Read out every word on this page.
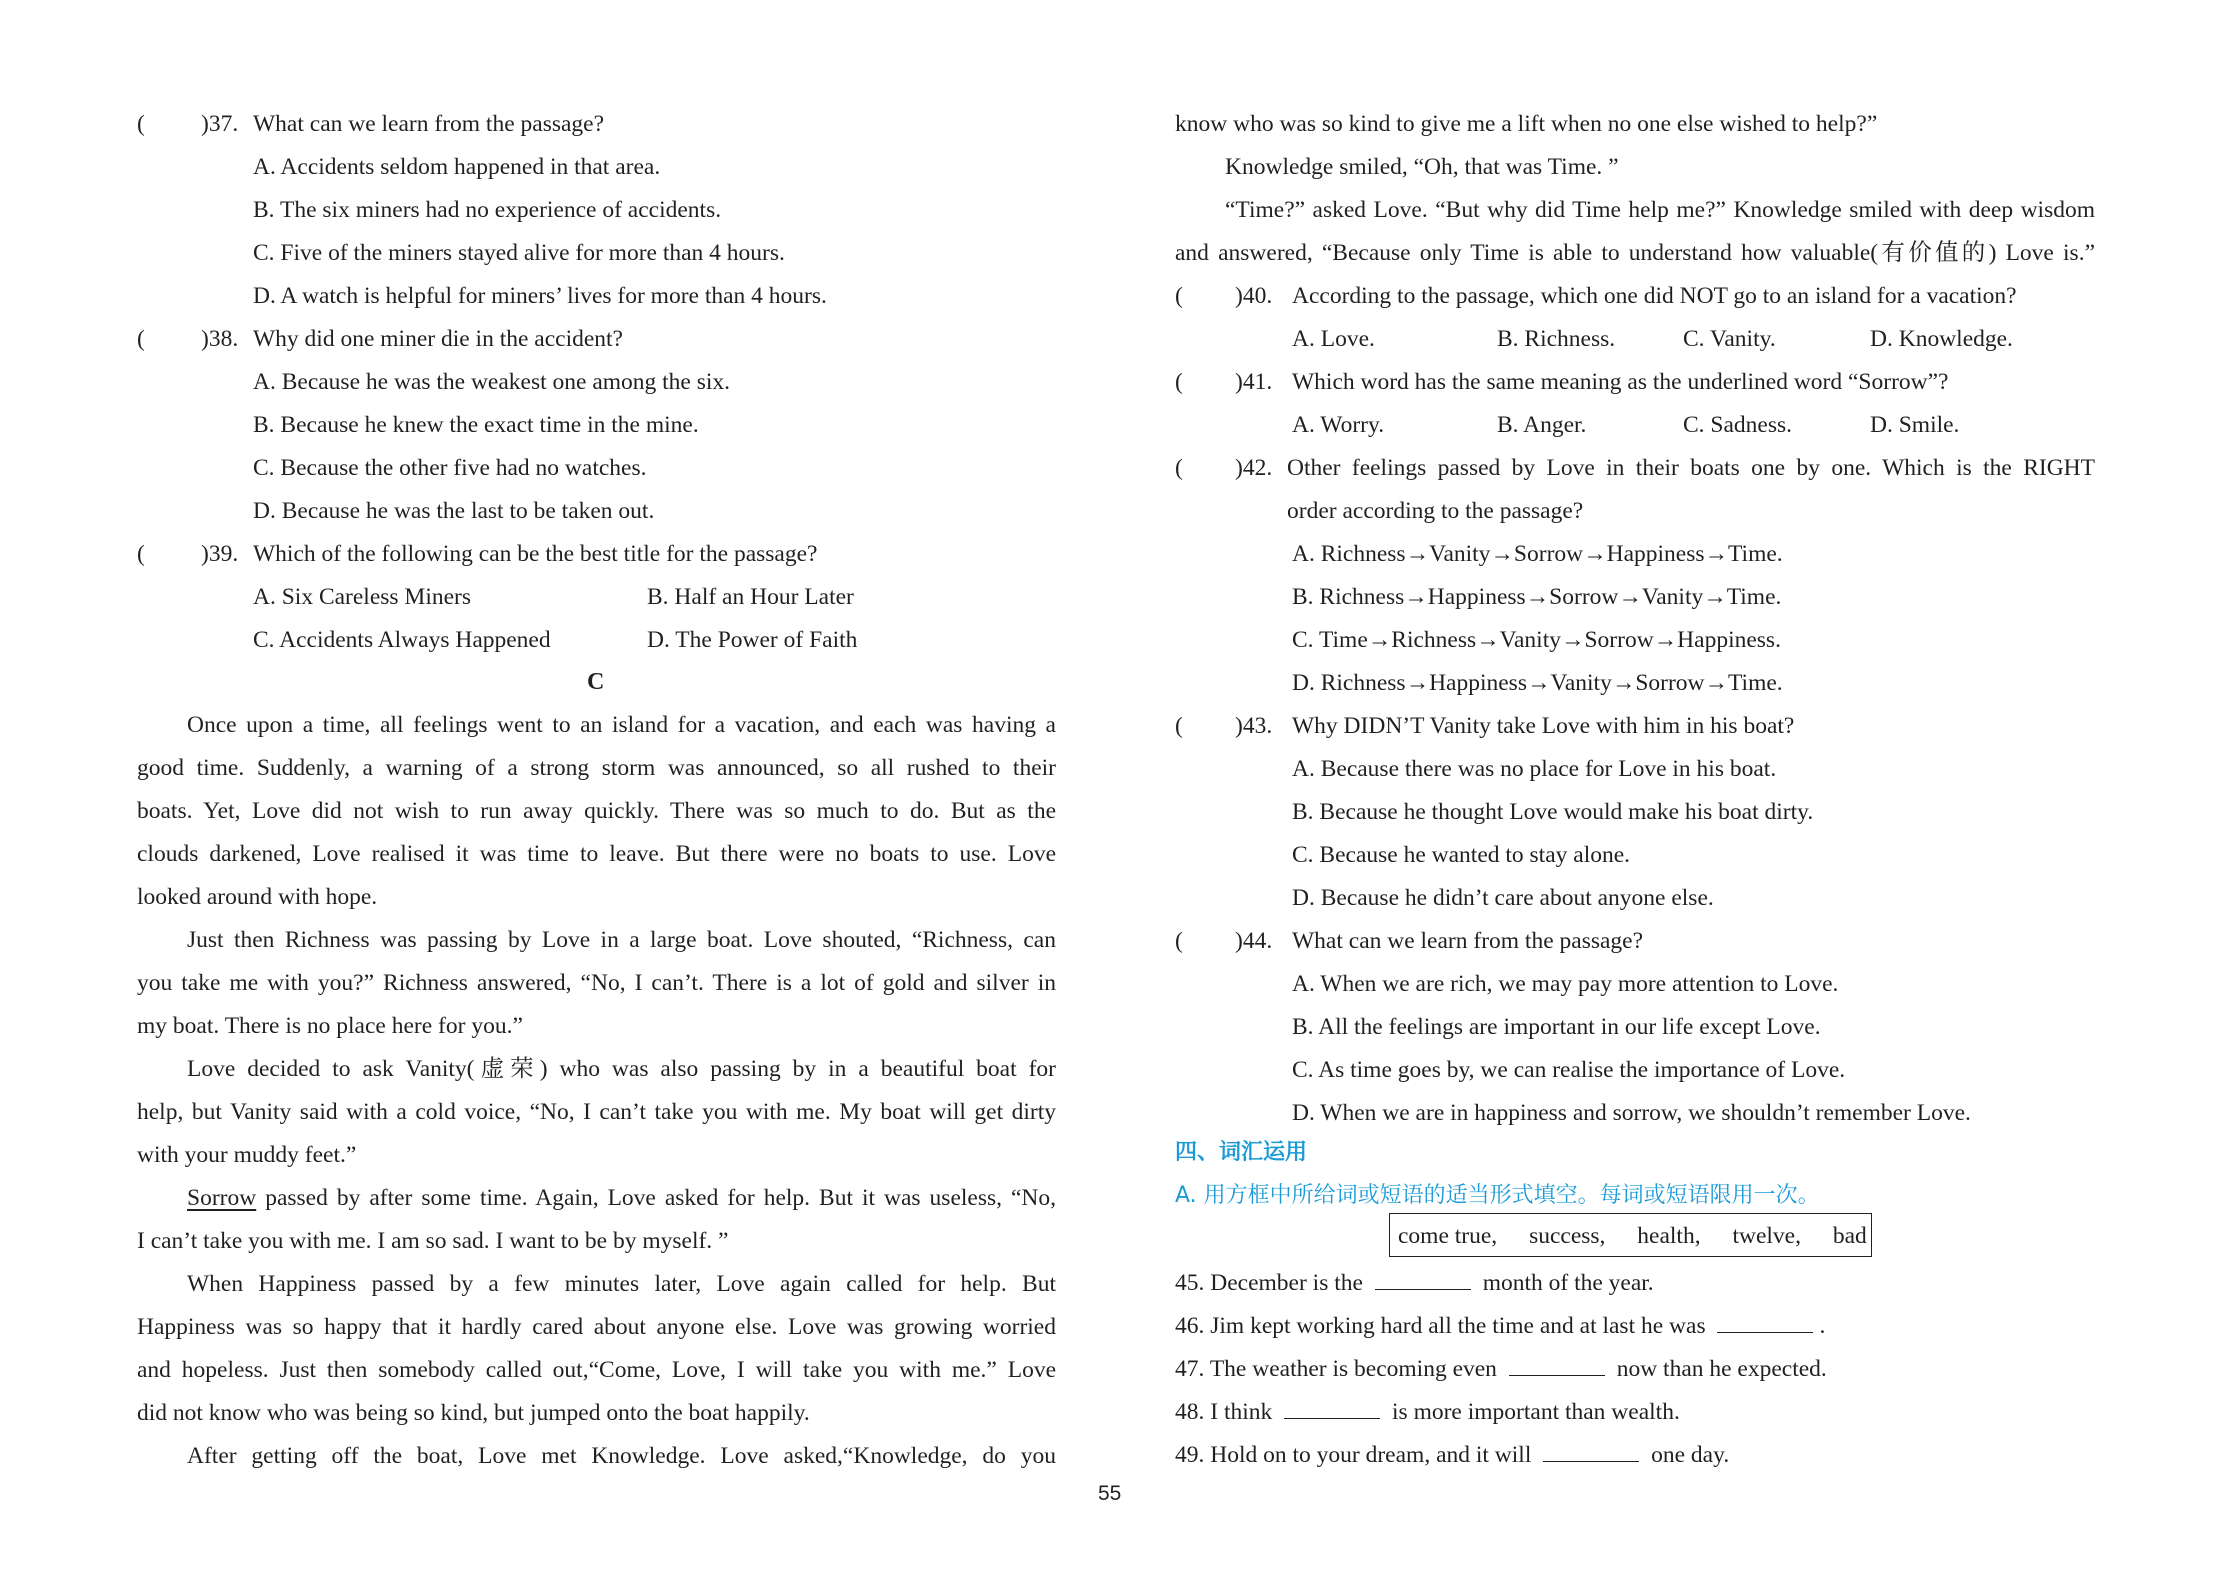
( )37. What can we learn from the passage?
A. Accidents seldom happened in that area.
B. The six miners had no experience of accidents.
C. Five of the miners stayed alive for more than 4 hours.
D. A watch is helpful for miners’ lives for more than 4 hours.
( )38. Why did one miner die in the accident?
A. Because he was the weakest one among the six.
B. Because he knew the exact time in the mine.
C. Because the other five had no watches.
D. Because he was the last to be taken out.
( )39. Which of the following can be the best title for the passage?
A. Six Careless Miners	B. Half an Hour Later
C. Accidents Always Happened	D. The Power of Faith
C
Once upon a time, all feelings went to an island for a vacation, and each was having a
good time. Suddenly, a warning of a strong storm was announced, so all rushed to their
boats. Yet, Love did not wish to run away quickly. There was so much to do. But as the
clouds darkened, Love realised it was time to leave. But there were no boats to use. Love
looked around with hope.
Just then Richness was passing by Love in a large boat. Love shouted, “Richness, can
you take me with you?” Richness answered, “No, I can’t. There is a lot of gold and silver in
my boat. There is no place here for you.”
Love decided to ask Vanity(虚荣) who was also passing by in a beautiful boat for
help, but Vanity said with a cold voice, “No, I can’t take you with me. My boat will get dirty
with your muddy feet.”
Sorrow passed by after some time. Again, Love asked for help. But it was useless, “No,
I can’t take you with me. I am so sad. I want to be by myself. ”
When Happiness passed by a few minutes later, Love again called for help. But
Happiness was so happy that it hardly cared about anyone else. Love was growing worried
and hopeless. Just then somebody called out,“Come, Love, I will take you with me.” Love
did not know who was being so kind, but jumped onto the boat happily.
After getting off the boat, Love met Knowledge. Love asked,“Knowledge, do you
know who was so kind to give me a lift when no one else wished to help?”
Knowledge smiled, “Oh, that was Time. ”
“Time?” asked Love. “But why did Time help me?” Knowledge smiled with deep wisdom
and answered, “Because only Time is able to understand how valuable(有价值的) Love is.”
( )40. According to the passage, which one did NOT go to an island for a vacation?
A. Love.	B. Richness.	C. Vanity.	D. Knowledge.
( )41. Which word has the same meaning as the underlined word “Sorrow”?
A. Worry.	B. Anger.	C. Sadness.	D. Smile.
( )42. Other feelings passed by Love in their boats one by one. Which is the RIGHT
order according to the passage?
A. Richness→Vanity→Sorrow→Happiness→Time.
B. Richness→Happiness→Sorrow→Vanity→Time.
C. Time→Richness→Vanity→Sorrow→Happiness.
D. Richness→Happiness→Vanity→Sorrow→Time.
( )43. Why DIDN’T Vanity take Love with him in his boat?
A. Because there was no place for Love in his boat.
B. Because he thought Love would make his boat dirty.
C. Because he wanted to stay alone.
D. Because he didn’t care about anyone else.
( )44. What can we learn from the passage?
A. When we are rich, we may pay more attention to Love.
B. All the feelings are important in our life except Love.
C. As time goes by, we can realise the importance of Love.
D. When we are in happiness and sorrow, we shouldn’t remember Love.
四、词汇运用
A. 用方框中所给词或短语的适当形式填空。每词或短语限用一次。
come true, success, health, twelve, bad
45. December is the	month of the year.
46. Jim kept working hard all the time and at last he was	.
47. The weather is becoming even	now than he expected.
48. I think	is more important than wealth.
49. Hold on to your dream, and it will	one day.
55
